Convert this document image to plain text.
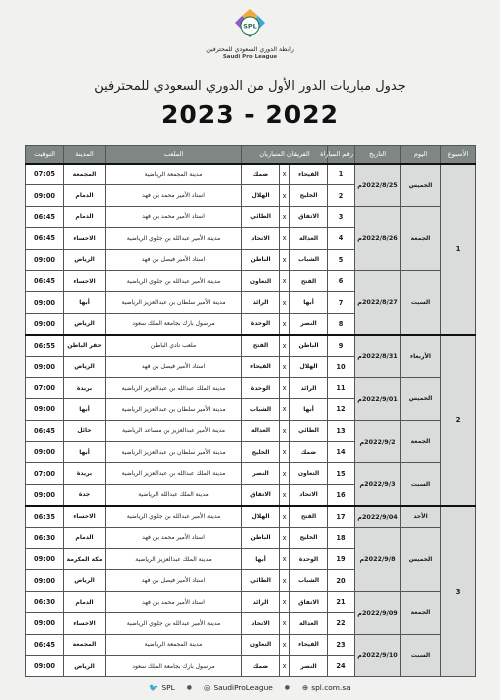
SPL
رابطة الدوري السعودي للمحترفين
Saudi Pro League
جدول مباريات الدور الأول من الدوري السعودي للمحترفين
2023 - 2022
الأسبوع	اليوم	التاريخ	رقم المباراة	الفريقان المتباريان			الملعب	المدينة	التوقيت
1	الخميس	2022/8/25م	1	الفيحاء	x	ضمك	مدينة المجمعة الرياضية	المجمعة	07:05
			2	الخليج	x	الهلال	استاد الأمير محمد بن فهد	الدمام	09:00
	الجمعة	2022/8/26م	3	الاتفاق	x	الطائي	استاد الأمير محمد بن فهد	الدمام	06:45
			4	العدالة	x	الاتحاد	مدينة الأمير عبدالله بن جلوي الرياضية	الاحساء	06:45
			5	الشباب	x	الباطن	استاد الأمير فيصل بن فهد	الرياض	09:00
	السبت	2022/8/27م	6	الفتح	x	التعاون	مدينة الأمير عبدالله بن جلوي الرياضية	الاحساء	06:45
			7	أبها	x	الرائد	مدينة الأمير سلطان بن عبدالعزيز الرياضية	أبها	09:00
			8	النصر	x	الوحدة	مرسول بارك بجامعة الملك سعود	الرياض	09:00
2	الأربعاء	2022/8/31م	9	الباطن	x	الفتح	ملعب نادي الباطن	حفر الباطن	06:55
			10	الهلال	x	الفيحاء	استاد الأمير فيصل بن فهد	الرياض	09:00
	الخميس	2022/9/01م	11	الرائد	x	الوحدة	مدينة الملك عبدالله بن عبدالعزيز الرياضية	بريدة	07:00
			12	أبها	x	الشباب	مدينة الأمير سلطان بن عبدالعزيز الرياضية	أبها	09:00
	الجمعة	2022/9/2م	13	الطائي	x	العدالة	مدينة الأمير عبدالعزيز بن مساعد الرياضية	حائل	06:45
			14	ضمك	x	الخليج	مدينة الأمير سلطان بن عبدالعزيز الرياضية	أبها	09:00
	السبت	2022/9/3م	15	التعاون	x	النصر	مدينة الملك عبدالله بن عبدالعزيز الرياضية	بريدة	07:00
			16	الاتحاد	x	الاتفاق	مدينة الملك عبدالله الرياضية	جدة	09:00
3	الأحد	2022/9/04م	17	الفتح	x	الهلال	مدينة الأمير عبدالله بن جلوي الرياضية	الاحساء	06:35
	الخميس	2022/9/8م	18	الخليج	x	الباطن	استاد الأمير محمد بن فهد	الدمام	06:30
			19	الوحدة	x	أبها	مدينة الملك عبدالعزيز الرياضية	مكة المكرمة	09:00
			20	الشباب	x	الطائي	استاد الأمير فيصل بن فهد	الرياض	09:00
	الجمعة	2022/9/09م	21	الاتفاق	x	الرائد	استاد الأمير محمد بن فهد	الدمام	06:30
			22	العدالة	x	الاتحاد	مدينة الأمير عبدالله بن جلوي الرياضية	الاحساء	09:00
	السبت	2022/9/10م	23	الفيحاء	x	التعاون	مدينة المجمعة الرياضية	المجمعة	06:45
			24	النصر	x	ضمك	مرسول بارك بجامعة الملك سعود	الرياض	09:00
🐦 SPL ● ◎ SaudiProLeague ● ⊕ spl.com.sa
